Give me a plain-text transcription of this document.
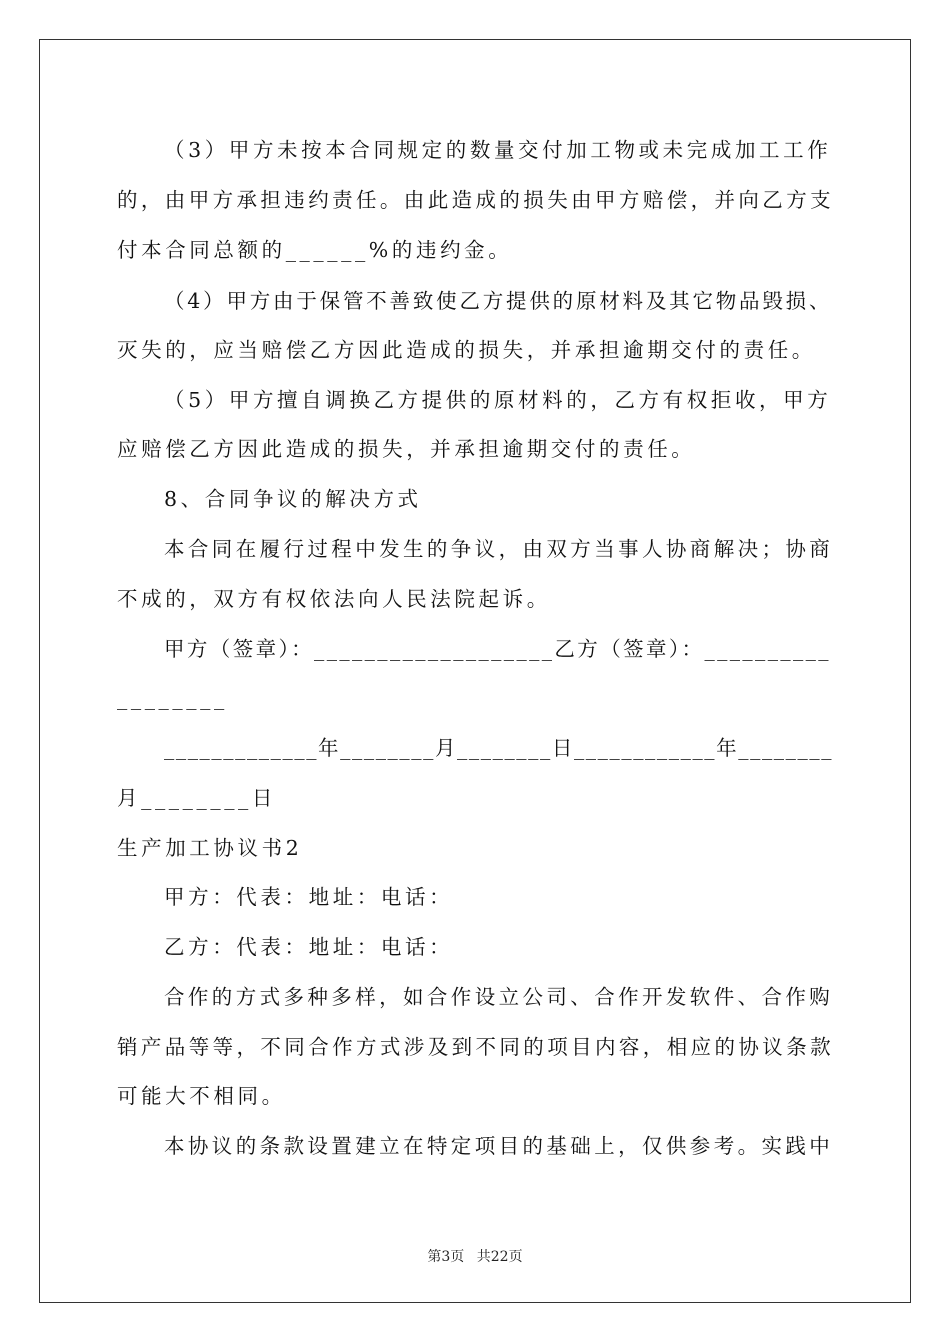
（3）甲方未按本合同规定的数量交付加工物或未完成加工工作
的，由甲方承担违约责任。由此造成的损失由甲方赔偿，并向乙方支
付本合同总额的______%的违约金。
（4）甲方由于保管不善致使乙方提供的原材料及其它物品毁损、
灭失的，应当赔偿乙方因此造成的损失，并承担逾期交付的责任。
（5）甲方擅自调换乙方提供的原材料的，乙方有权拒收，甲方
应赔偿乙方因此造成的损失，并承担逾期交付的责任。
8、合同争议的解决方式
本合同在履行过程中发生的争议，由双方当事人协商解决；协商
不成的，双方有权依法向人民法院起诉。
甲方（签章）：___________________乙方（签章）：__________
________
_____________年________月________日____________年________
月________日
生产加工协议书2
甲方：代表：地址：电话：
乙方：代表：地址：电话：
合作的方式多种多样，如合作设立公司、合作开发软件、合作购
销产品等等，不同合作方式涉及到不同的项目内容，相应的协议条款
可能大不相同。
本协议的条款设置建立在特定项目的基础上，仅供参考。实践中
第3页 共22页
